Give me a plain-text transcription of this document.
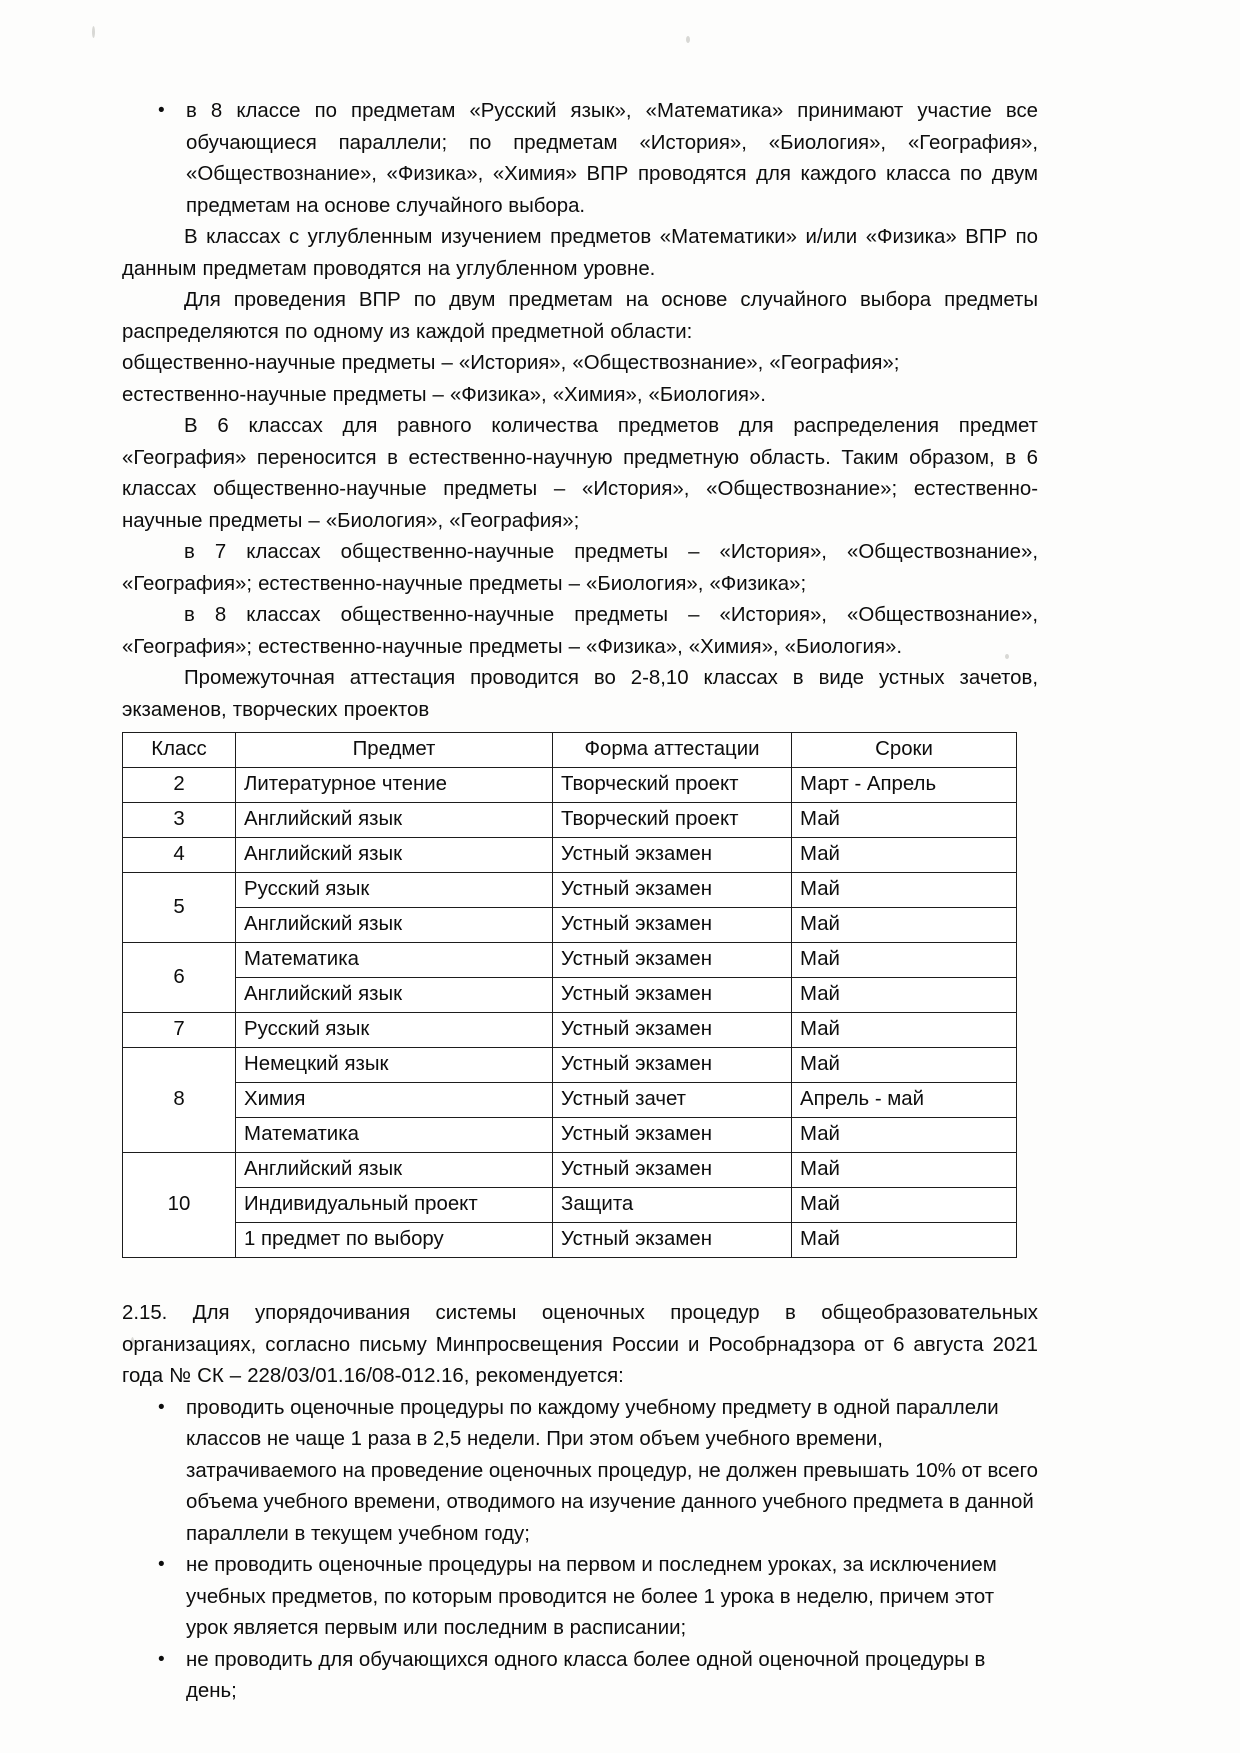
• в 8 классе по предметам «Русский язык», «Математика» принимают участие все обучающиеся параллели; по предметам «История», «Биология», «География», «Обществознание», «Физика», «Химия» ВПР проводятся для каждого класса по двум предметам на основе случайного выбора.

В классах с углубленным изучением предметов «Математики» и/или «Физика» ВПР по данным предметам проводятся на углубленном уровне.

Для проведения ВПР по двум предметам на основе случайного выбора предметы распределяются по одному из каждой предметной области:

общественно-научные предметы – «История», «Обществознание», «География»;

естественно-научные предметы – «Физика», «Химия», «Биология».

В 6 классах для равного количества предметов для распределения предмет «География» переносится в естественно-научную предметную область. Таким образом, в 6 классах общественно-научные предметы – «История», «Обществознание»; естественно-научные предметы – «Биология», «География»;

в 7 классах общественно-научные предметы – «История», «Обществознание», «География»; естественно-научные предметы – «Биология», «Физика»;

в 8 классах общественно-научные предметы – «История», «Обществознание», «География»; естественно-научные предметы – «Физика», «Химия», «Биология».

Промежуточная аттестация проводится во 2-8,10 классах в виде устных зачетов, экзаменов, творческих проектов

Класс	Предмет	Форма аттестации	Сроки
2	Литературное чтение	Творческий проект	Март - Апрель
3	Английский язык	Творческий проект	Май
4	Английский язык	Устный экзамен	Май
5	Русский язык	Устный экзамен	Май
	Английский язык	Устный экзамен	Май
6	Математика	Устный экзамен	Май
	Английский язык	Устный экзамен	Май
7	Русский язык	Устный экзамен	Май
8	Немецкий язык	Устный экзамен	Май
	Химия	Устный зачет	Апрель - май
	Математика	Устный экзамен	Май
10	Английский язык	Устный экзамен	Май
	Индивидуальный проект	Защита	Май
	1 предмет по выбору	Устный экзамен	Май

2.15. Для упорядочивания системы оценочных процедур в общеобразовательных организациях, согласно письму Минпросвещения России и Рособрнадзора от 6 августа 2021 года № СК – 228/03/01.16/08-012.16, рекомендуется:

• проводить оценочные процедуры по каждому учебному предмету в одной параллели классов не чаще 1 раза в 2,5 недели. При этом объем учебного времени, затрачиваемого на проведение оценочных процедур, не должен превышать 10% от всего объема учебного времени, отводимого на изучение данного учебного предмета в данной параллели в текущем учебном году;
• не проводить оценочные процедуры на первом и последнем уроках, за исключением учебных предметов, по которым проводится не более 1 урока в неделю, причем этот урок является первым или последним в расписании;
• не проводить для обучающихся одного класса более одной оценочной процедуры в день;
